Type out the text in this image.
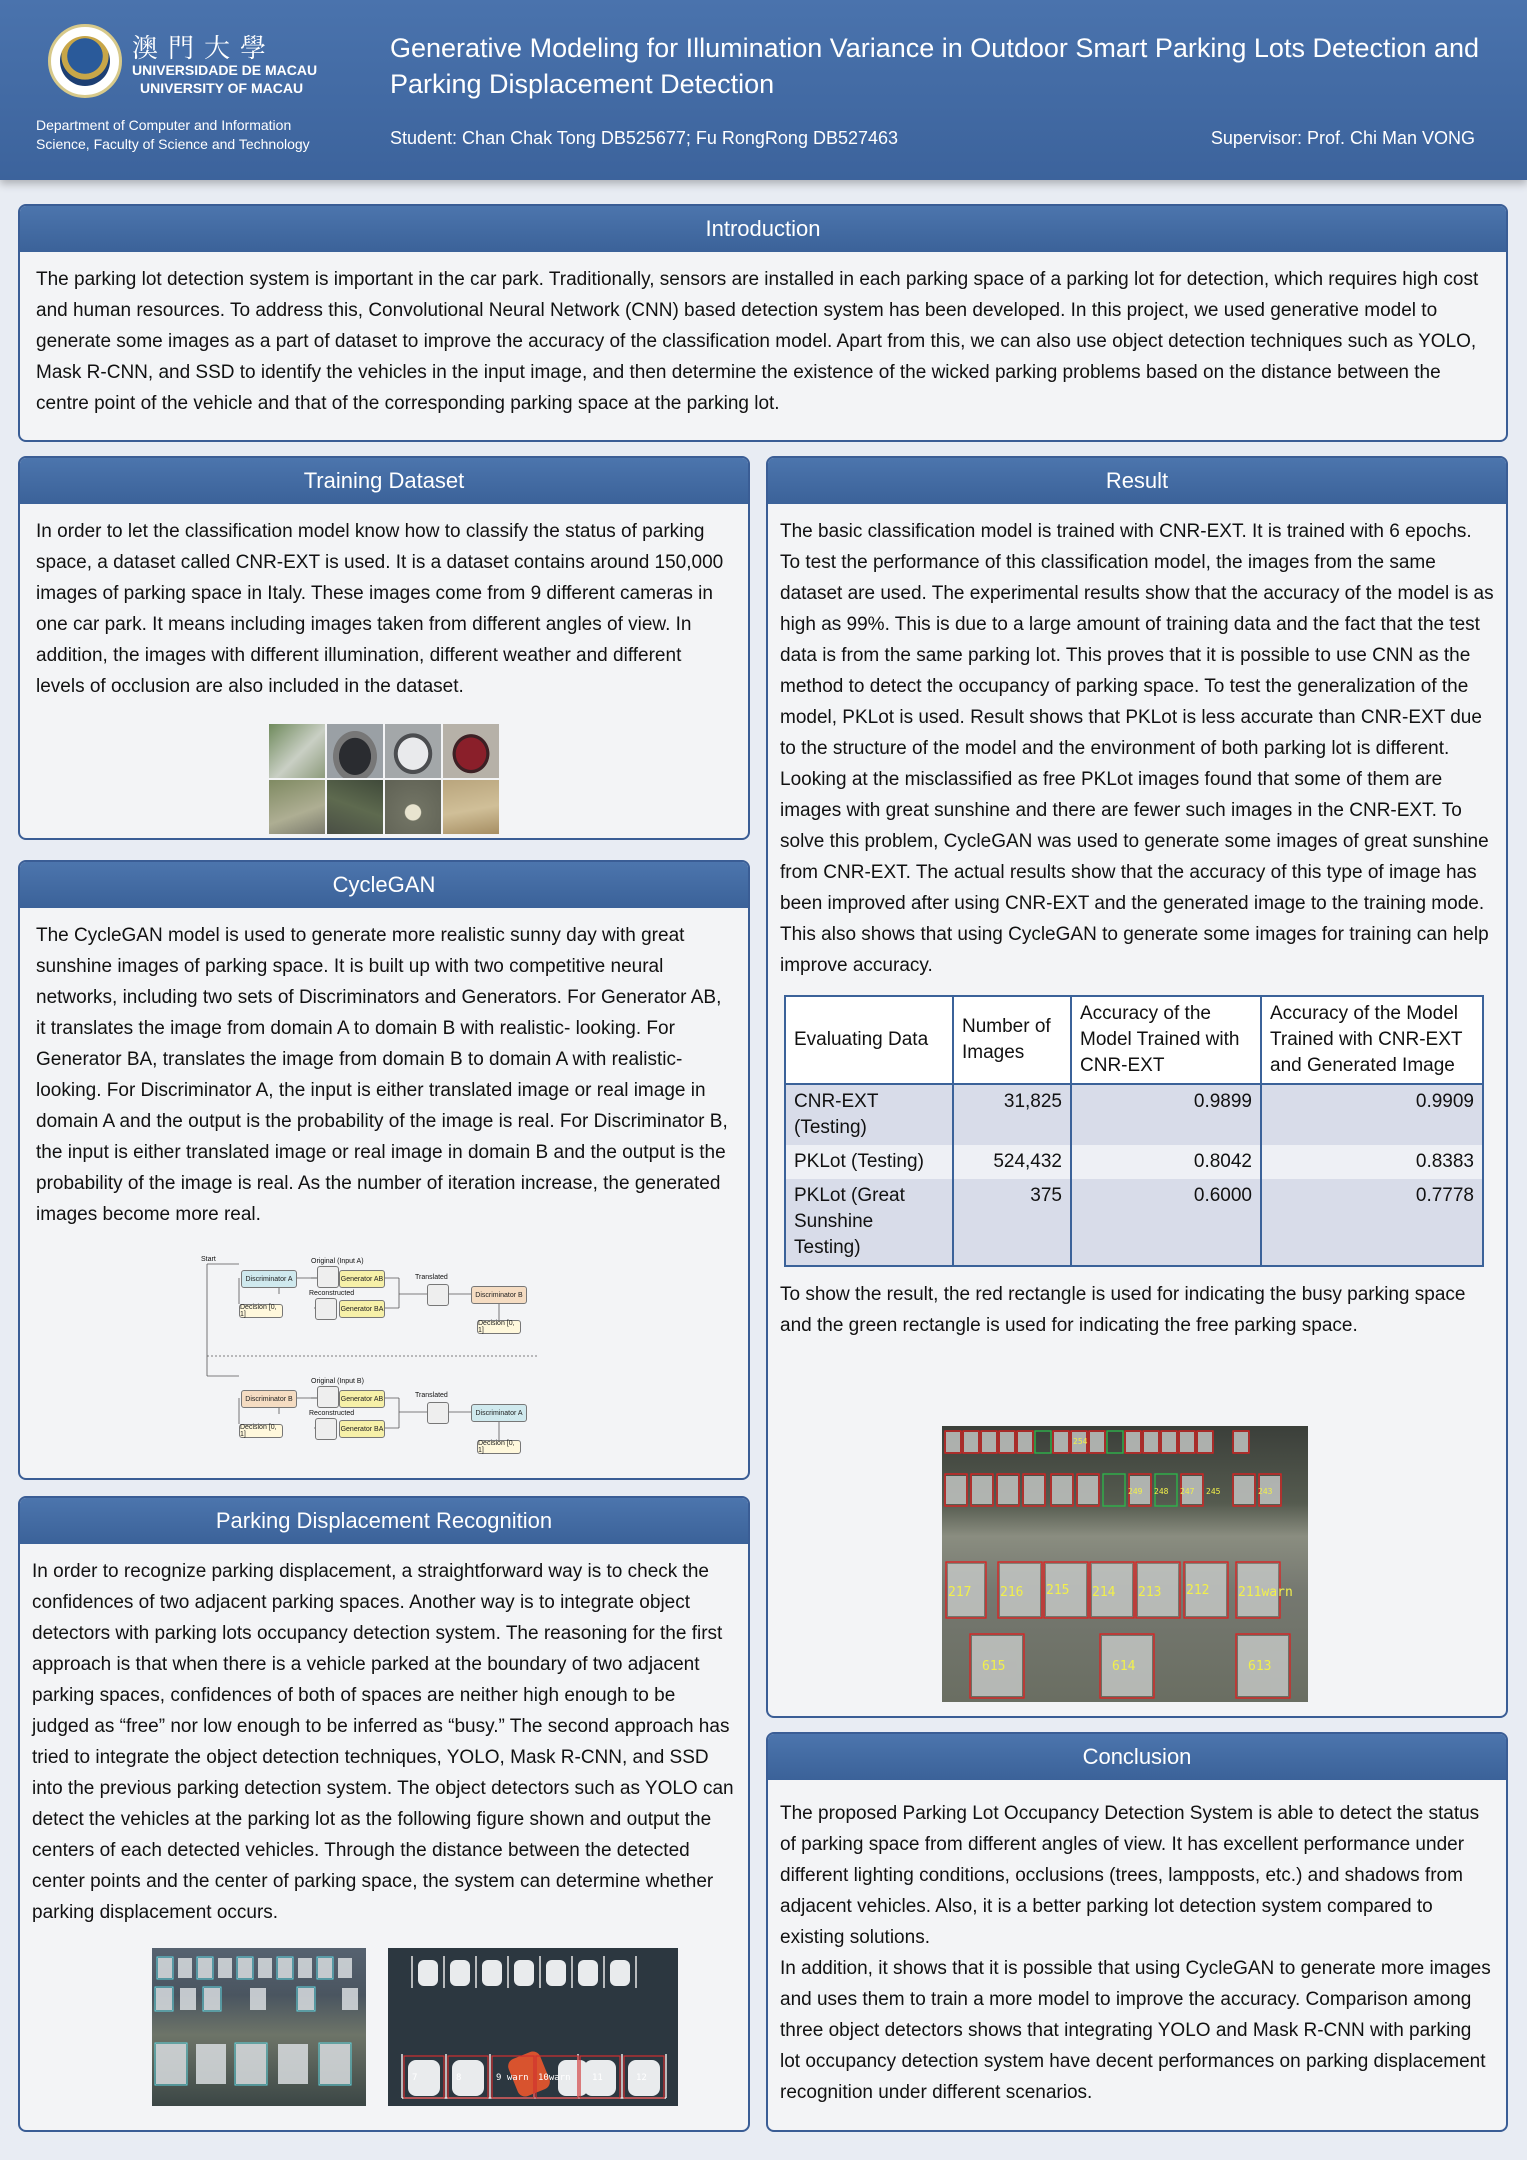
澳門大學
UNIVERSIDADE DE MACAU
UNIVERSITY OF MACAU
Department of Computer and Information Science, Faculty of Science and Technology
Generative Modeling for Illumination Variance in Outdoor Smart Parking Lots Detection and Parking Displacement Detection
Student: Chan Chak Tong DB525677; Fu RongRong DB527463	Supervisor: Prof. Chi Man VONG
Introduction
The parking lot detection system is important in the car park. Traditionally, sensors are installed in each parking space of a parking lot for detection, which requires high cost and human resources. To address this, Convolutional Neural Network (CNN) based detection system has been developed. In this project, we used generative model to generate some images as a part of dataset to improve the accuracy of the classification model. Apart from this, we can also use object detection techniques such as YOLO, Mask R-CNN, and SSD to identify the vehicles in the input image, and then determine the existence of the wicked parking problems based on the distance between the centre point of the vehicle and that of the corresponding parking space at the parking lot.
Training Dataset
In order to let the classification model know how to classify the status of parking space, a dataset called CNR-EXT is used. It is a dataset contains around 150,000 images of parking space in Italy. These images come from 9 different cameras in one car park. It means including images taken from different angles of view. In addition, the images with different illumination, different weather and different levels of occlusion are also included in the dataset.
CycleGAN
The CycleGAN model is used to generate more realistic sunny day with great sunshine images of parking space. It is built up with two competitive neural networks, including two sets of Discriminators and Generators. For Generator AB, it translates the image from domain A to domain B with realistic- looking. For Generator BA, translates the image from domain B to domain A with realistic-looking. For Discriminator A, the input is either translated image or real image in domain A and the output is the probability of the image is real. For Discriminator B, the input is either translated image or real image in domain B and the output is the probability of the image is real. As the number of iteration increase, the generated images become more real.
Start	Original (Input A)
Discriminator A	Generator AB	Translated
Discriminator B
Reconstructed
Generator BA
Decision [0, 1]
Decision [0, 1]
Original (Input B)
Discriminator B	Generator AB	Translated
Discriminator A
Reconstructed
Generator BA
Decision [0, 1]
Decision [0, 1]
Parking Displacement Recognition
In order to recognize parking displacement, a straightforward way is to check the confidences of two adjacent parking spaces. Another way is to integrate object detectors with parking lots occupancy detection system. The reasoning for the first approach is that when there is a vehicle parked at the boundary of two adjacent parking spaces, confidences of both of spaces are neither high enough to be judged as “free” nor low enough to be inferred as “busy.” The second approach has tried to integrate the object detection techniques, YOLO, Mask R-CNN, and SSD into the previous parking detection system. The object detectors such as YOLO can detect the vehicles at the parking lot as the following figure shown and output the centers of each detected vehicles. Through the distance between the detected center points and the center of parking space, the system can determine whether parking displacement occurs.
7	8	9 warn 10warn 11	12
Result
The basic classification model is trained with CNR-EXT. It is trained with 6 epochs. To test the performance of this classification model, the images from the same dataset are used. The experimental results show that the accuracy of the model is as high as 99%. This is due to a large amount of training data and the fact that the test data is from the same parking lot. This proves that it is possible to use CNN as the method to detect the occupancy of parking space. To test the generalization of the model, PKLot is used. Result shows that PKLot is less accurate than CNR-EXT due to the structure of the model and the environment of both parking lot is different.
Looking at the misclassified as free PKLot images found that some of them are images with great sunshine and there are fewer such images in the CNR-EXT. To solve this problem, CycleGAN was used to generate some images of great sunshine from CNR-EXT. The actual results show that the accuracy of this type of image has been improved after using CNR-EXT and the generated image to the training mode. This also shows that using CycleGAN to generate some images for training can help improve accuracy.
Evaluating Data	Number of Images	Accuracy of the Model Trained with CNR-EXT	Accuracy of the Model Trained with CNR-EXT and Generated Image
CNR-EXT (Testing)	31,825	0.9899	0.9909
PKLot (Testing)	524,432	0.8042	0.8383
PKLot (Great Sunshine Testing)	375	0.6000	0.7778
To show the result, the red rectangle is used for indicating the busy parking space and the green rectangle is used for indicating the free parking space.
217 216 215 214 213 212 211warn
615	614	613
254
249 248 247 245	243
Conclusion
The proposed Parking Lot Occupancy Detection System is able to detect the status of parking space from different angles of view. It has excellent performance under different lighting conditions, occlusions (trees, lampposts, etc.) and shadows from adjacent vehicles. Also, it is a better parking lot detection system compared to existing solutions.
In addition, it shows that it is possible that using CycleGAN to generate more images and uses them to train a more model to improve the accuracy. Comparison among three object detectors shows that integrating YOLO and Mask R-CNN with parking lot occupancy detection system have decent performances on parking displacement recognition under different scenarios.
